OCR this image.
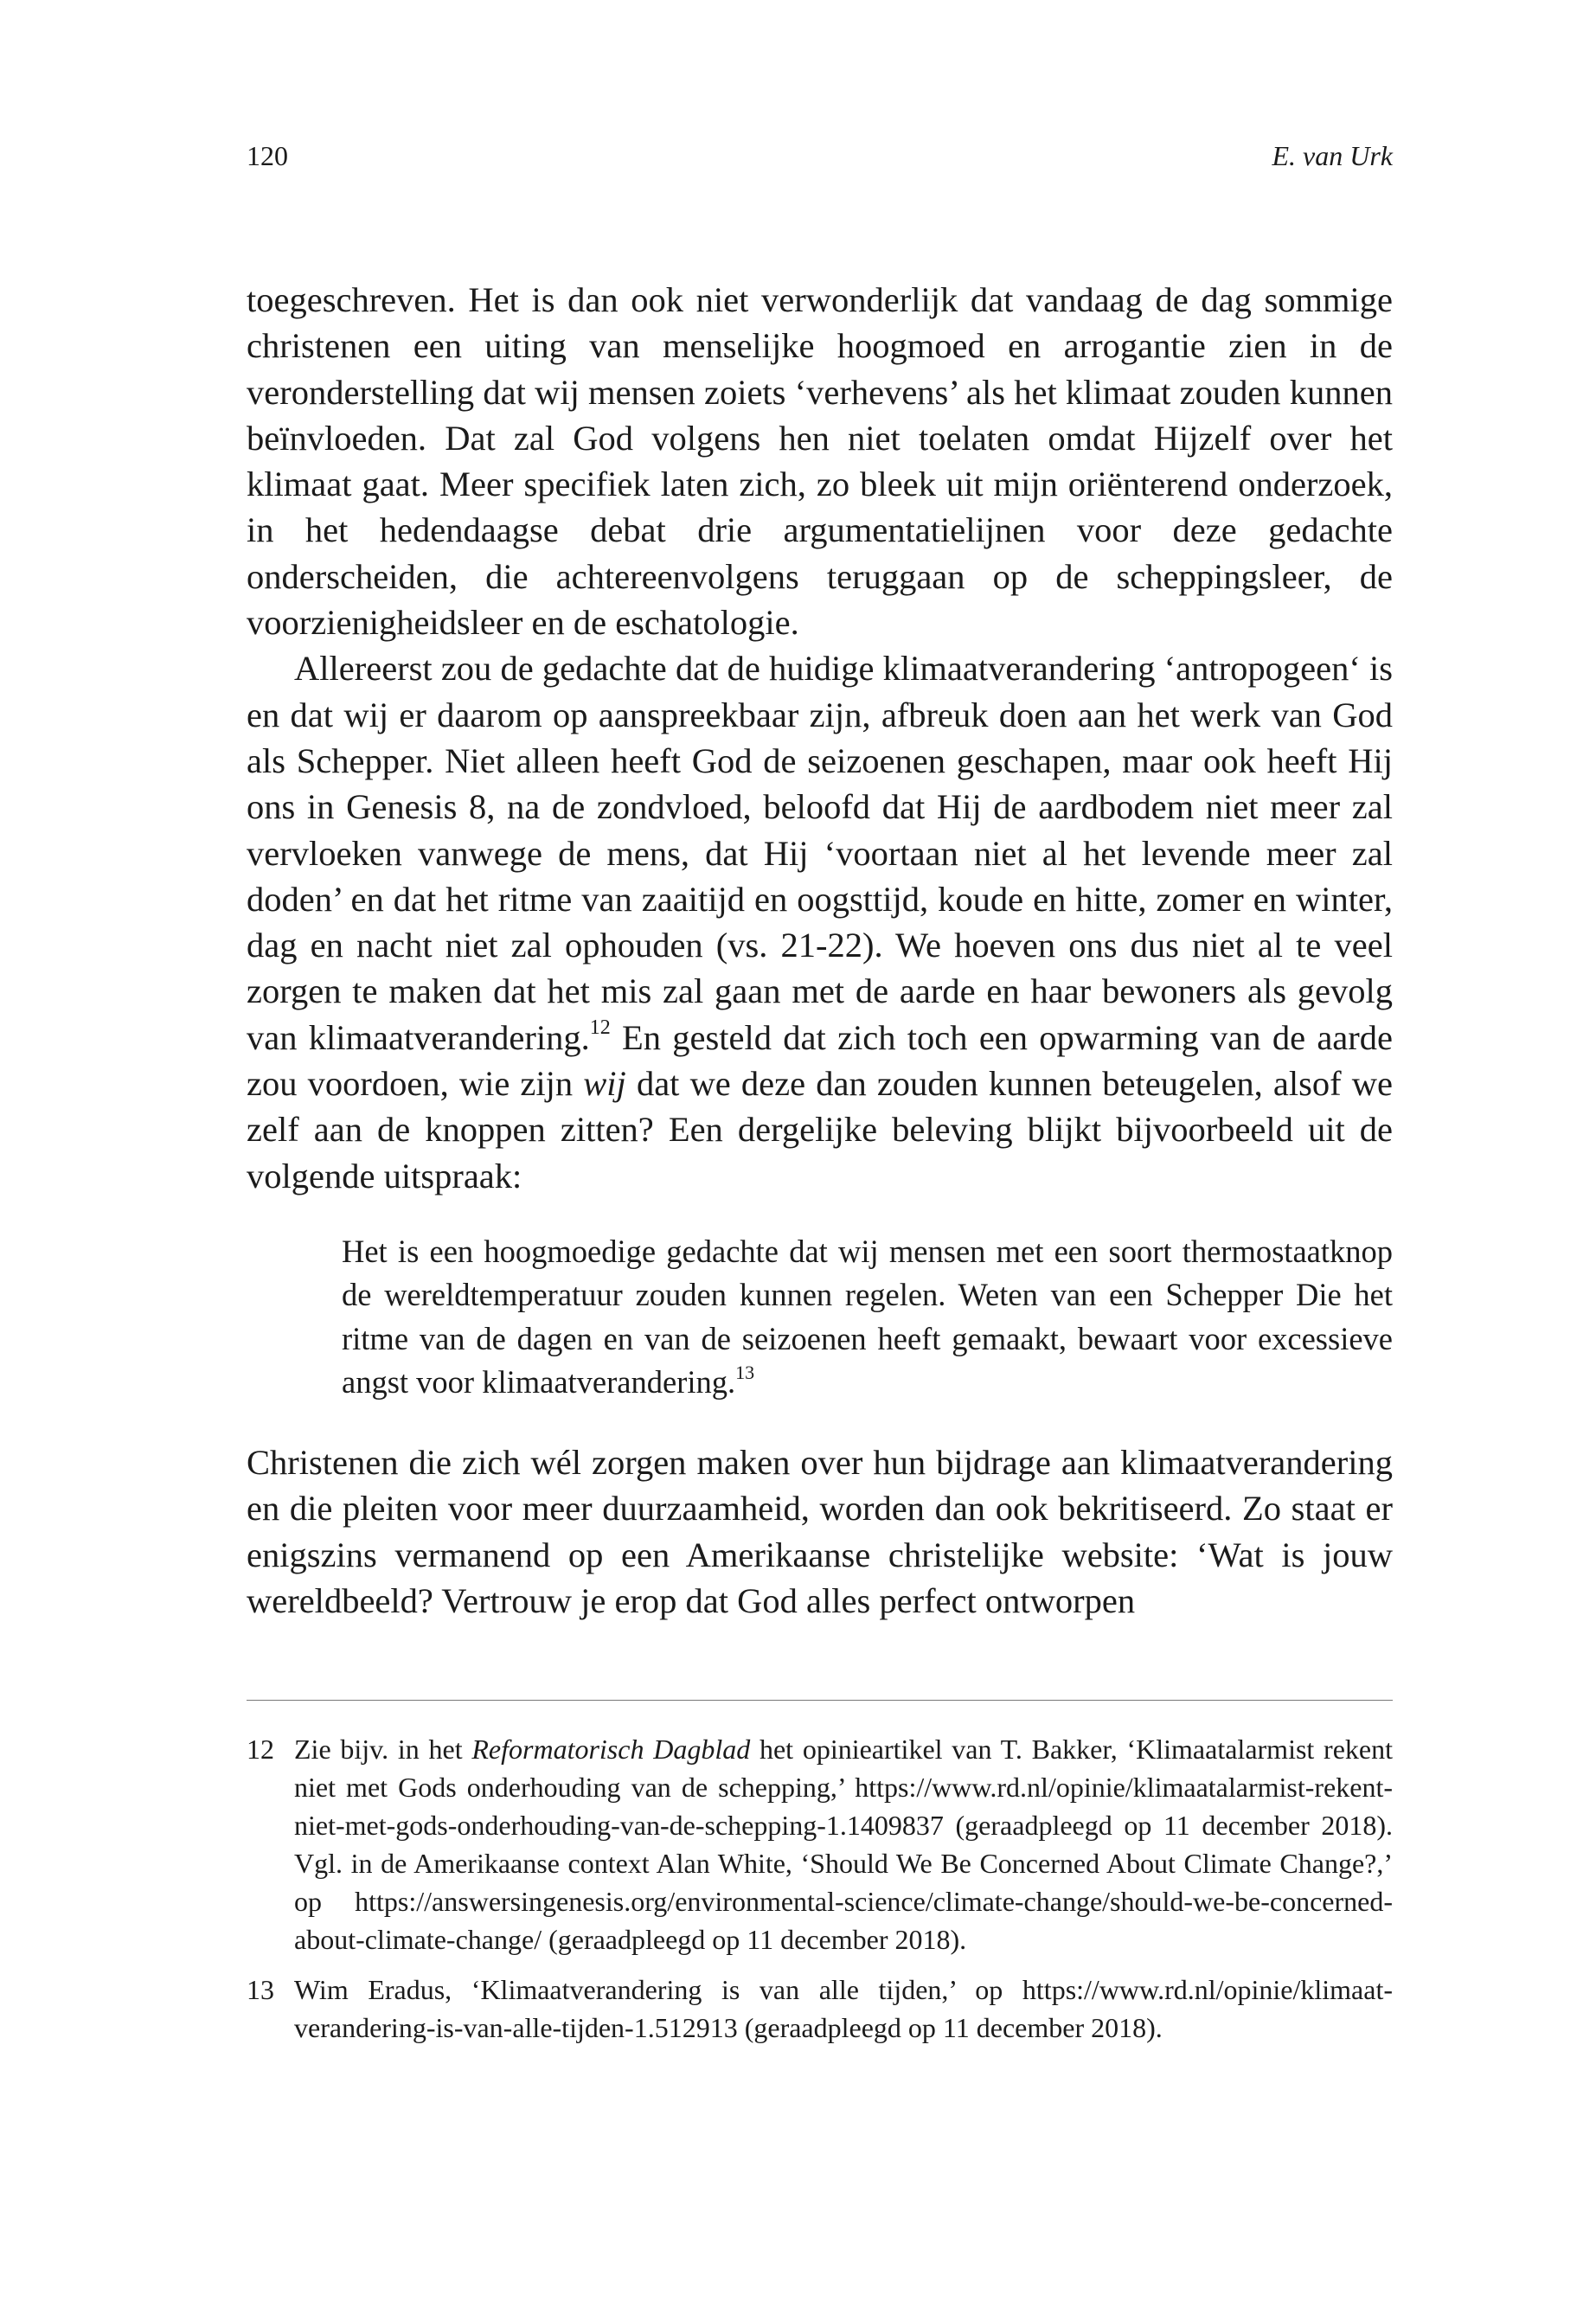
120	E. van Urk

toegeschreven. Het is dan ook niet verwonderlijk dat vandaag de dag sommige christenen een uiting van menselijke hoogmoed en arrogantie zien in de veronderstelling dat wij mensen zoiets ‘verhevens’ als het klimaat zouden kunnen beïnvloeden. Dat zal God volgens hen niet toelaten omdat Hijzelf over het klimaat gaat. Meer specifiek laten zich, zo bleek uit mijn oriënterend onderzoek, in het hedendaagse debat drie argumentatielijnen voor deze gedachte onderscheiden, die achtereenvolgens teruggaan op de scheppingsleer, de voorzienigheidsleer en de eschatologie.

Allereerst zou de gedachte dat de huidige klimaatverandering ‘antropogeen‘ is en dat wij er daarom op aanspreekbaar zijn, afbreuk doen aan het werk van God als Schepper. Niet alleen heeft God de seizoenen geschapen, maar ook heeft Hij ons in Genesis 8, na de zondvloed, beloofd dat Hij de aardbodem niet meer zal vervloeken vanwege de mens, dat Hij ‘voortaan niet al het levende meer zal doden’ en dat het ritme van zaaitijd en oogsttijd, koude en hitte, zomer en winter, dag en nacht niet zal ophouden (vs. 21-22). We hoeven ons dus niet al te veel zorgen te maken dat het mis zal gaan met de aarde en haar bewoners als gevolg van klimaatverandering.$^{12}$ En gesteld dat zich toch een opwarming van de aarde zou voordoen, wie zijn wij dat we deze dan zouden kunnen beteugelen, alsof we zelf aan de knoppen zitten? Een dergelijke beleving blijkt bijvoorbeeld uit de volgende uitspraak:

Het is een hoogmoedige gedachte dat wij mensen met een soort thermostaatknop de wereldtemperatuur zouden kunnen regelen. Weten van een Schepper Die het ritme van de dagen en van de seizoenen heeft gemaakt, bewaart voor excessieve angst voor klimaatverandering.$^{13}$

Christenen die zich wél zorgen maken over hun bijdrage aan klimaatverandering en die pleiten voor meer duurzaamheid, worden dan ook bekritiseerd. Zo staat er enigszins vermanend op een Amerikaanse christelijke website: ‘Wat is jouw wereldbeeld? Vertrouw je erop dat God alles perfect ontworpen

12 Zie bijv. in het Reformatorisch Dagblad het opinieartikel van T. Bakker, ‘Klimaatalarmist rekent niet met Gods onderhouding van de schepping,’ https://www.rd.nl/opinie/klimaatalarmist-rekent-niet-met-gods-onderhouding-van-de-schepping-1.1409837 (geraadpleegd op 11 december 2018). Vgl. in de Amerikaanse context Alan White, ‘Should We Be Concerned About Climate Change?,’ op https://answersingenesis.org/environmental-science/climate-change/should-we-be-concerned-about-climate-change/ (geraadpleegd op 11 december 2018).
13 Wim Eradus, ‘Klimaatverandering is van alle tijden,’ op https://www.rd.nl/opinie/klimaatverandering-is-van-alle-tijden-1.512913 (geraadpleegd op 11 december 2018).
